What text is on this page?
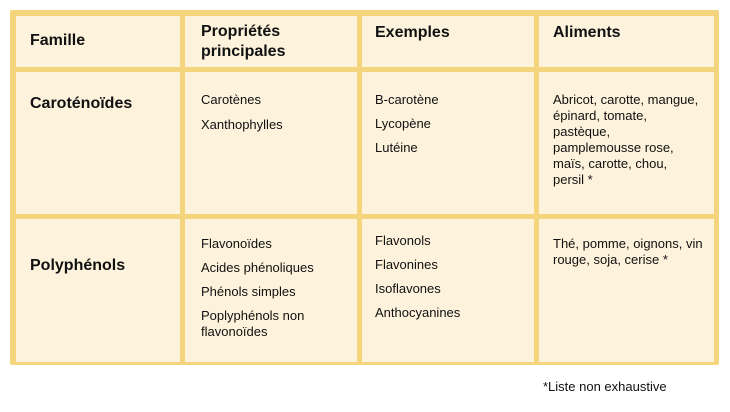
Famille
Propriétés principales
Exemples	Aliments
Caroténoïdes	Carotènes
Xanthophylles
B-carotène
Lycopène
Lutéine
Abricot, carotte, mangue, épinard, tomate, pastèque, pamplemousse rose, maïs, carotte, chou, persil *
Polyphénols
Flavonoïdes
Acides phénoliques
Phénols simples
Poplyphénols non flavonoïdes
Flavonols
Flavonines
Isoflavones
Anthocyanines
Thé, pomme, oignons, vin rouge, soja, cerise *
*Liste non exhaustive
